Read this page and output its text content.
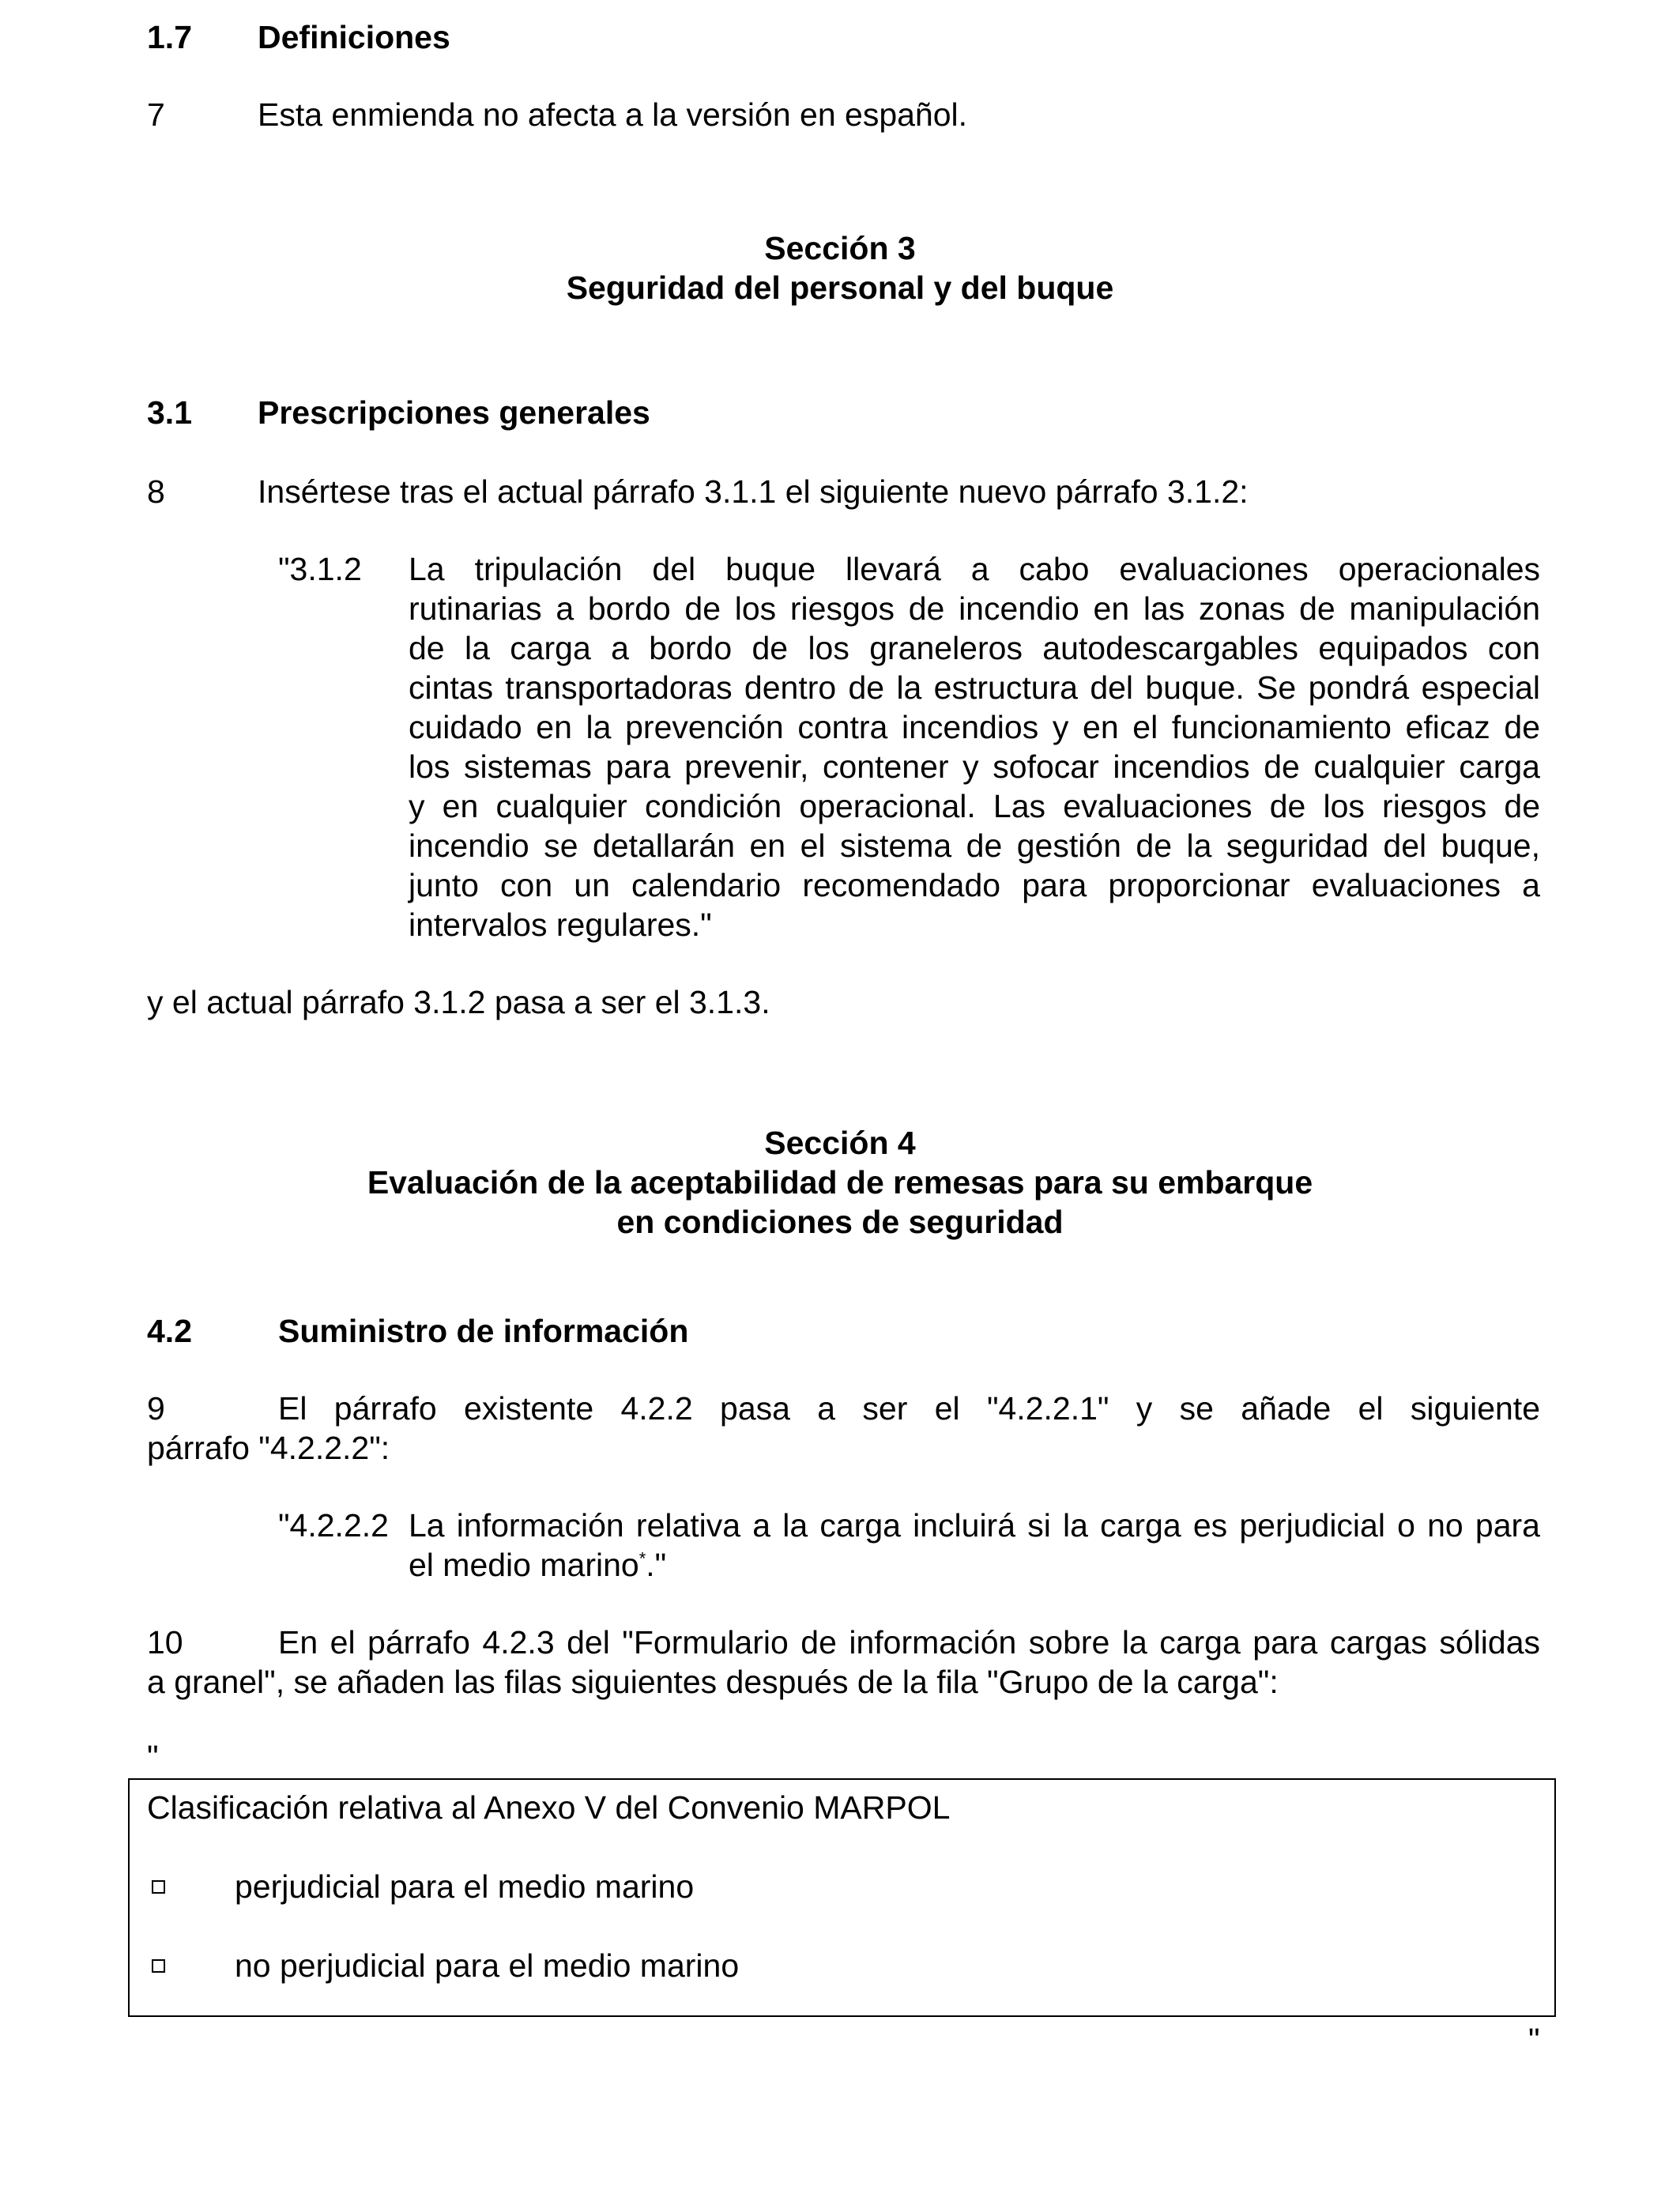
1.7 Definiciones
7	Esta enmienda no afecta a la versión en español.
Sección 3
Seguridad del personal y del buque
3.1 Prescripciones generales
8	Insértese tras el actual párrafo 3.1.1 el siguiente nuevo párrafo 3.1.2:
"3.1.2 La tripulación del buque llevará a cabo evaluaciones operacionales
rutinarias a bordo de los riesgos de incendio en las zonas de manipulación
de la carga a bordo de los graneleros autodescargables equipados con
cintas transportadoras dentro de la estructura del buque. Se pondrá especial
cuidado en la prevención contra incendios y en el funcionamiento eficaz de
los sistemas para prevenir, contener y sofocar incendios de cualquier carga
y en cualquier condición operacional. Las evaluaciones de los riesgos de
incendio se detallarán en el sistema de gestión de la seguridad del buque,
junto con un calendario recomendado para proporcionar evaluaciones a
intervalos regulares."
y el actual párrafo 3.1.2 pasa a ser el 3.1.3.
Sección 4
Evaluación de la aceptabilidad de remesas para su embarque
en condiciones de seguridad
4.2	Suministro de información
9	El párrafo existente 4.2.2 pasa a ser el "4.2.2.1" y se añade el siguiente
párrafo "4.2.2.2":
"4.2.2.2 La información relativa a la carga incluirá si la carga es perjudicial o no para
el medio marino*."
10	En el párrafo 4.2.3 del "Formulario de información sobre la carga para cargas sólidas
a granel", se añaden las filas siguientes después de la fila "Grupo de la carga":
"
Clasificación relativa al Anexo V del Convenio MARPOL
perjudicial para el medio marino
no perjudicial para el medio marino
"
